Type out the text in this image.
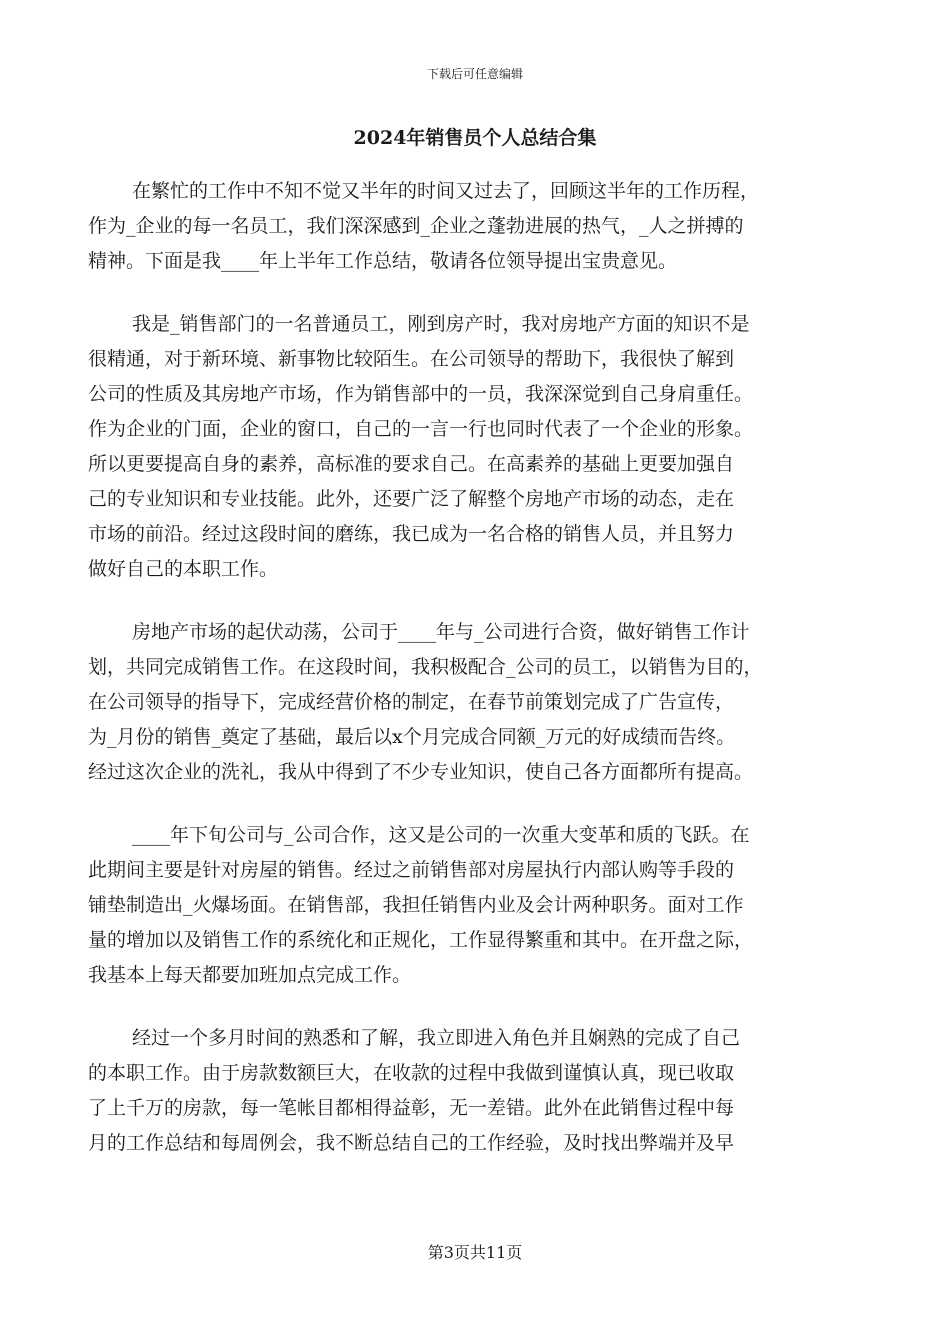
下载后可任意编辑
2024年销售员个人总结合集

在繁忙的工作中不知不觉又半年的时间又过去了，回顾这半年的工作历程，
作为_企业的每一名员工，我们深深感到_企业之蓬勃进展的热气，_人之拼搏的
精神。下面是我____年上半年工作总结，敬请各位领导提出宝贵意见。

我是_销售部门的一名普通员工，刚到房产时，我对房地产方面的知识不是
很精通，对于新环境、新事物比较陌生。在公司领导的帮助下，我很快了解到
公司的性质及其房地产市场，作为销售部中的一员，我深深觉到自己身肩重任。
作为企业的门面，企业的窗口，自己的一言一行也同时代表了一个企业的形象。
所以更要提高自身的素养，高标准的要求自己。在高素养的基础上更要加强自
己的专业知识和专业技能。此外，还要广泛了解整个房地产市场的动态，走在
市场的前沿。经过这段时间的磨练，我已成为一名合格的销售人员，并且努力
做好自己的本职工作。

房地产市场的起伏动荡，公司于____年与_公司进行合资，做好销售工作计
划，共同完成销售工作。在这段时间，我积极配合_公司的员工，以销售为目的，
在公司领导的指导下，完成经营价格的制定，在春节前策划完成了广告宣传，
为_月份的销售_奠定了基础，最后以x个月完成合同额_万元的好成绩而告终。
经过这次企业的洗礼，我从中得到了不少专业知识，使自己各方面都所有提高。

____年下旬公司与_公司合作，这又是公司的一次重大变革和质的飞跃。在
此期间主要是针对房屋的销售。经过之前销售部对房屋执行内部认购等手段的
铺垫制造出_火爆场面。在销售部，我担任销售内业及会计两种职务。面对工作
量的增加以及销售工作的系统化和正规化，工作显得繁重和其中。在开盘之际，
我基本上每天都要加班加点完成工作。

经过一个多月时间的熟悉和了解，我立即进入角色并且娴熟的完成了自己
的本职工作。由于房款数额巨大，在收款的过程中我做到谨慎认真，现已收取
了上千万的房款，每一笔帐目都相得益彰，无一差错。此外在此销售过程中每
月的工作总结和每周例会，我不断总结自己的工作经验，及时找出弊端并及早

第3页共11页
